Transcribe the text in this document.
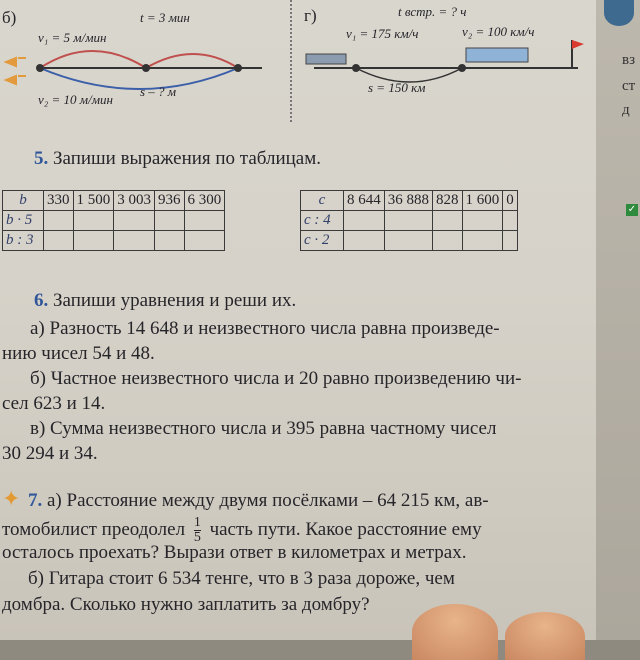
б)	t = 3 мин
v₁ = 5 м/мин
v₂ = 10 м/мин
s – ? м
г)	t встр. = ? ч
v₁ = 175 км/ч	v₂ = 100 км/ч
s = 150 км
5. Запиши выражения по таблицам.
b	330	1 500	3 003	936	6 300
b · 5					
b : 3					
c	8 644	36 888	828	1 600	0
c : 4					
c · 2					
6. Запиши уравнения и реши их.
а) Разность 14 648 и неизвестного числа равна произведе-
нию чисел 54 и 48.
б) Частное неизвестного числа и 20 равно произведению чи-
сел 623 и 14.
в) Сумма неизвестного числа и 395 равна частному чисел
30 294 и 34.
✦ 7. а) Расстояние между двумя посёлками – 64 215 км, ав-
томобилист преодолел $\frac{1}{5}$ часть пути. Какое расстояние ему
осталось проехать? Вырази ответ в километрах и метрах.
б) Гитара стоит 6 534 тенге, что в 3 раза дороже, чем
домбра. Сколько нужно заплатить за домбру?
вз
ст
д
✓
